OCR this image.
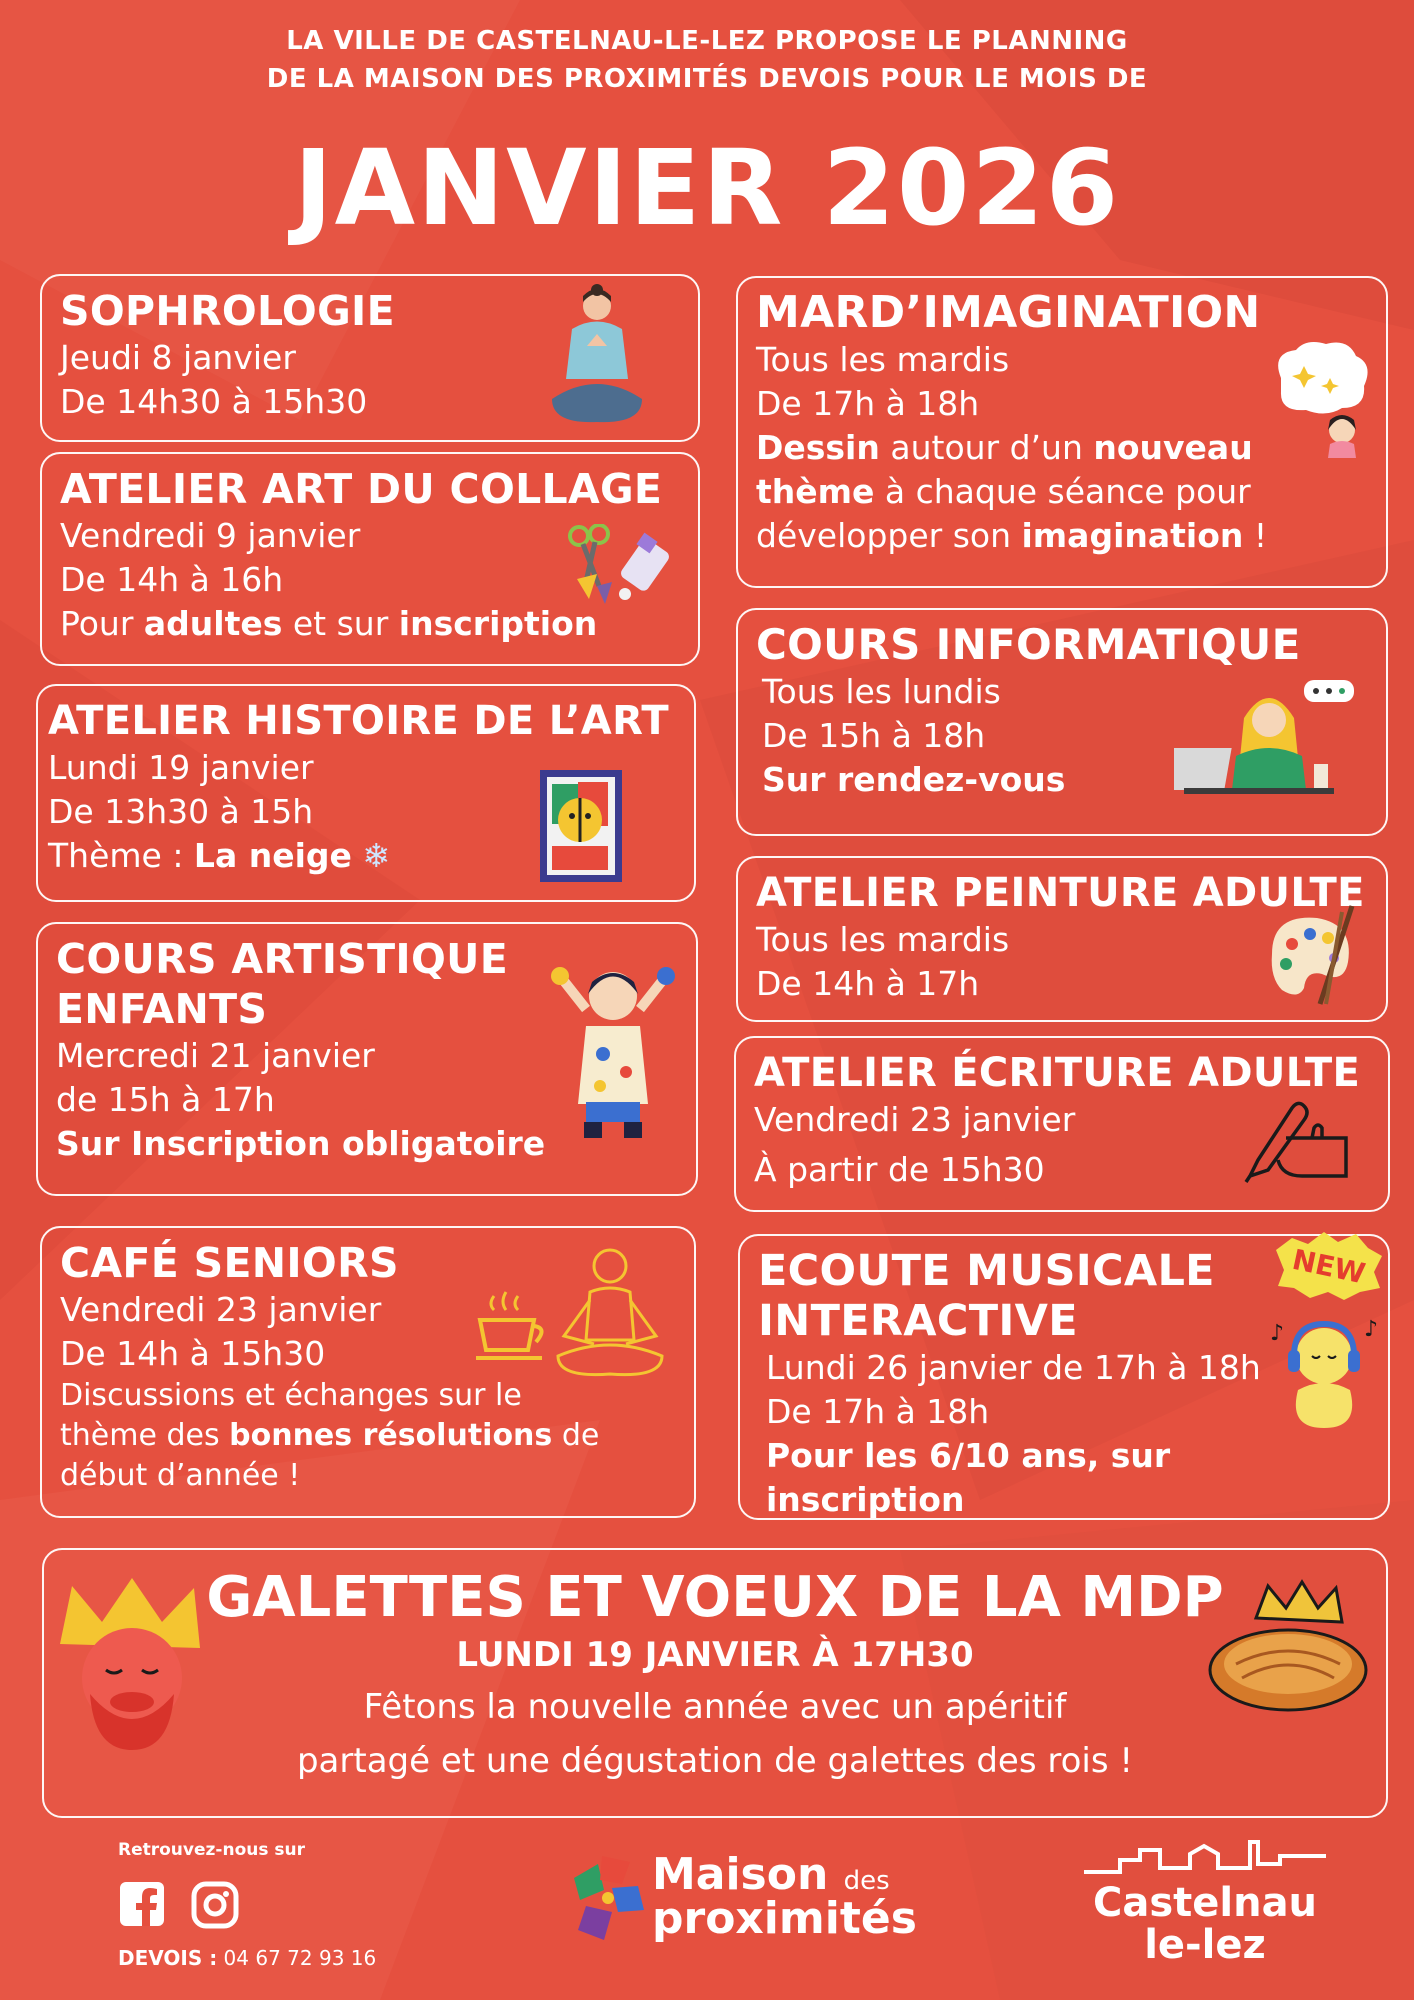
LA VILLE DE CASTELNAU-LE-LEZ PROPOSE LE PLANNING
DE LA MAISON DES PROXIMITÉS DEVOIS POUR LE MOIS DE
JANVIER 2026
SOPHROLOGIE

Jeudi 8 janvier

De 14h30 à 15h30

ATELIER ART DU COLLAGE

Vendredi 9 janvier

De 14h à 16h

Pour adultes et sur inscription

ATELIER HISTOIRE DE L’ART

Lundi 19 janvier

De 13h30 à 15h

Thème : La neige ❄

COURS ARTISTIQUE
ENFANTS

Mercredi 21 janvier

de 15h à 17h

Sur Inscription obligatoire

CAFÉ SENIORS

Vendredi 23 janvier

De 14h à 15h30

Discussions et échanges sur le

thème des bonnes résolutions de

début d’année !

MARD’IMAGINATION

Tous les mardis

De 17h à 18h

Dessin autour d’un nouveau

thème à chaque séance pour

développer son imagination !

COURS INFORMATIQUE

Tous les lundis

De 15h à 18h

Sur rendez-vous

ATELIER PEINTURE ADULTE

Tous les mardis

De 14h à 17h

ATELIER ÉCRITURE ADULTE

Vendredi 23 janvier

À partir de 15h30

ECOUTE MUSICALE
INTERACTIVE

Lundi 26 janvier de 17h à 18h

De 17h à 18h

Pour les 6/10 ans, sur inscription

NEW
♪	♪
GALETTES ET VOEUX DE LA MDP
LUNDI 19 JANVIER À 17H30
Fêtons la nouvelle année avec un apéritif
partagé et une dégustation de galettes des rois !
Retrouvez-nous sur
DEVOIS : 04 67 72 93 16
Maison des
proximités	Castelnau
le-lez
